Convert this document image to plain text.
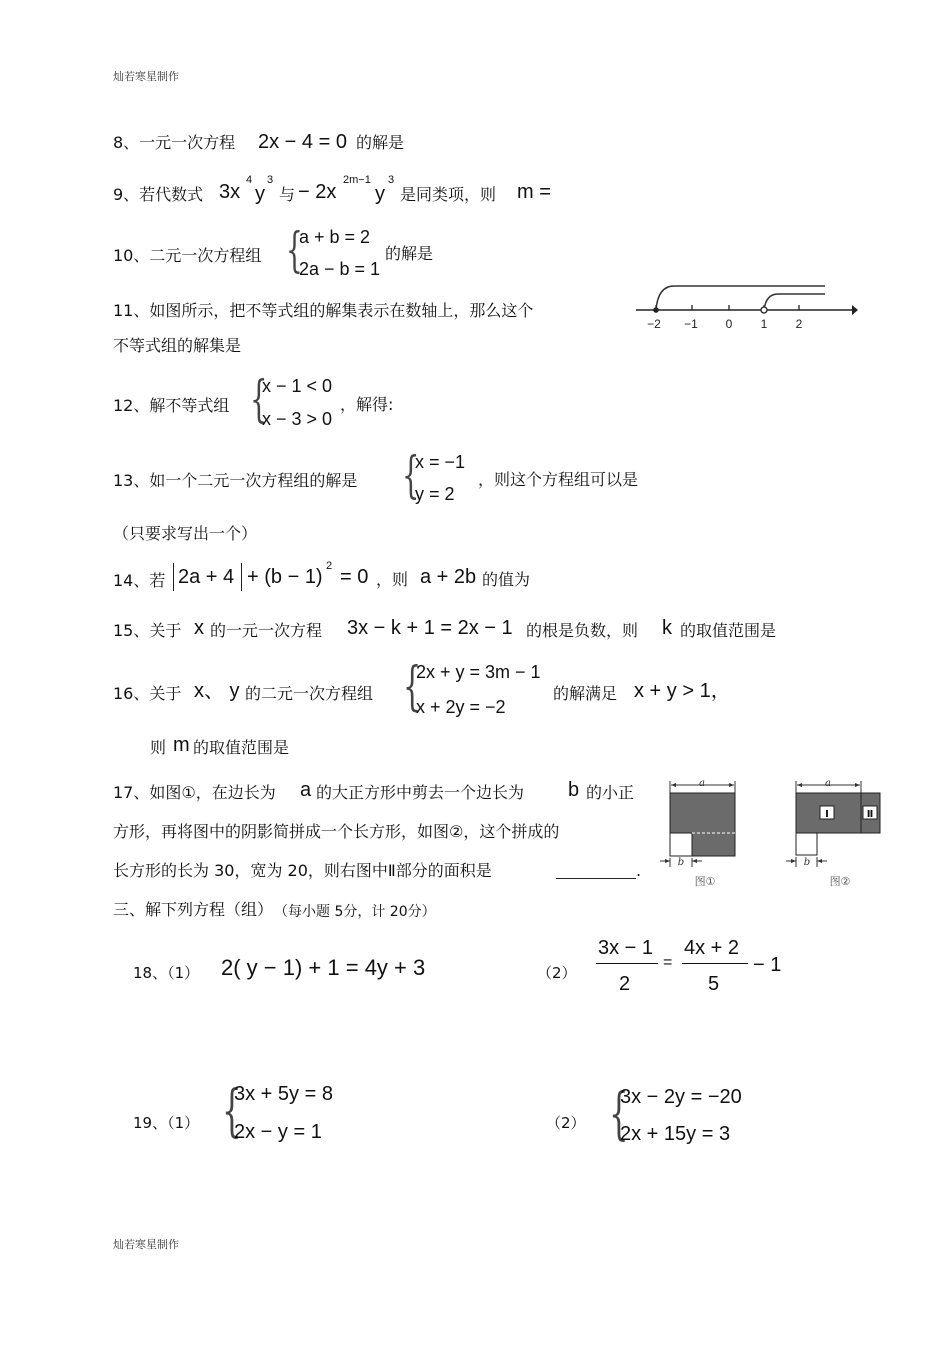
灿若寒星制作
灿若寒星制作
8、一元一次方程 2x − 4 = 0 的解是
9、若代数式 3x
4
y
3
与 − 2x
2m−1
y
3
是同类项，则 m =
10、二元一次方程组 {
a + b = 2
2a − b = 1
的解是
11、如图所示，把不等式组的解集表示在数轴上，那么这个
不等式组的解集是
−2 −1 0 1 2
12、解不等式组 {
x − 1 < 0
x − 3 > 0
，解得:
13、如一个二元一次方程组的解是 {
x = −1
y = 2
，则这个方程组可以是
（只要求写出一个）
14、若 2a + 4 + (b − 1) 2 = 0 ，则 a + 2b 的值为
15、关于 x 的一元一次方程 3x − k + 1 = 2x − 1 的根是负数，则 k 的取值范围是
16、关于 x、 y 的二元一次方程组 {
2x + y = 3m − 1
x + 2y = −2
的解满足 x + y > 1，
则 m 的取值范围是
17、如图①，在边长为 a 的大正方形中剪去一个边长为 b 的小正
方形，再将图中的阴影简拼成一个长方形，如图②，这个拼成的
长方形的长为 30，宽为 20，则右图中Ⅱ部分的面积是	.
a
b
图①
a
Ⅰ	Ⅱ
b
图②
三、解下列方程（组） （每小题 5分，计 20分）
18、（1） 2( y − 1) + 1 = 4y + 3	（2）
3x − 1
2
=
4x + 2
5
− 1
19、（1） {
3x + 5y = 8
2x − y = 1	（2） {
3x − 2y = −20
2x + 15y = 3
